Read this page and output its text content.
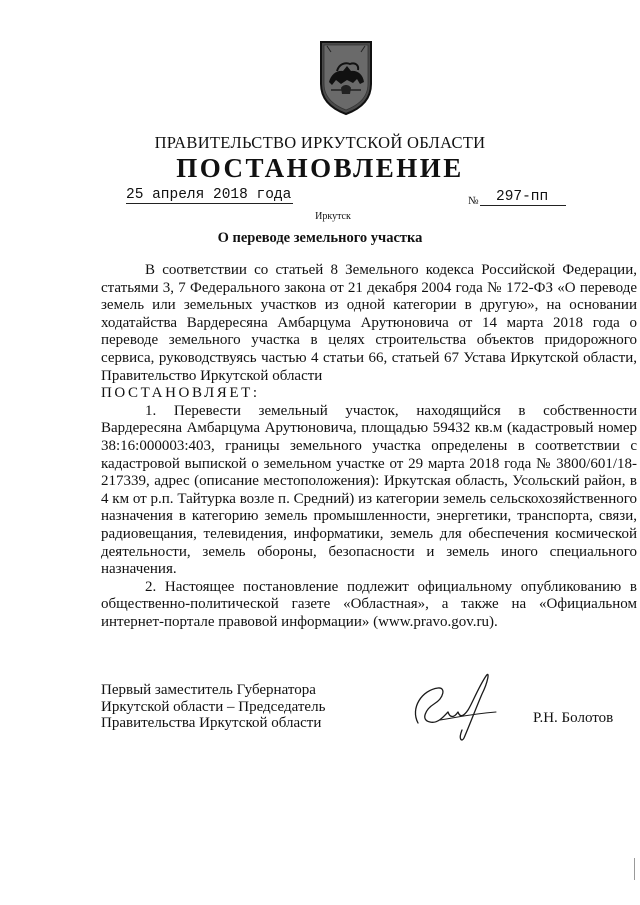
ПРАВИТЕЛЬСТВО ИРКУТСКОЙ ОБЛАСТИ
ПОСТАНОВЛЕНИЕ
25 апреля 2018 года	№	297-пп
Иркутск
О переводе земельного участка

В соответствии со статьей 8 Земельного кодекса Российской Федерации, статьями 3, 7 Федерального закона от 21 декабря 2004 года № 172-ФЗ «О переводе земель или земельных участков из одной категории в другую», на основании ходатайства Вардересяна Амбарцума Арутюновича от 14 марта 2018 года о переводе земельного участка в целях строительства объектов придорожного сервиса, руководствуясь частью 4 статьи 66, статьей 67 Устава Иркутской области, Правительство Иркутской области

ПОСТАНОВЛЯЕТ:

1. Перевести земельный участок, находящийся в собственности Вардересяна Амбарцума Арутюновича, площадью 59432 кв.м (кадастровый номер 38:16:000003:403, границы земельного участка определены в соответствии с кадастровой выпиской о земельном участке от 29 марта 2018 года № 3800/601/18-217339, адрес (описание местоположения): Иркутская область, Усольский район, в 4 км от р.п. Тайтурка возле п. Средний) из категории земель сельскохозяйственного назначения в категорию земель промышленности, энергетики, транспорта, связи, радиовещания, телевидения, информатики, земель для обеспечения космической деятельности, земель обороны, безопасности и земель иного специального назначения.

2. Настоящее постановление подлежит официальному опубликованию в общественно-политической газете «Областная», а также на «Официальном интернет-портале правовой информации» (www.pravo.gov.ru).

Первый заместитель Губернатора
Иркутской области – Председатель
Правительства Иркутской области	Р.Н. Болотов
